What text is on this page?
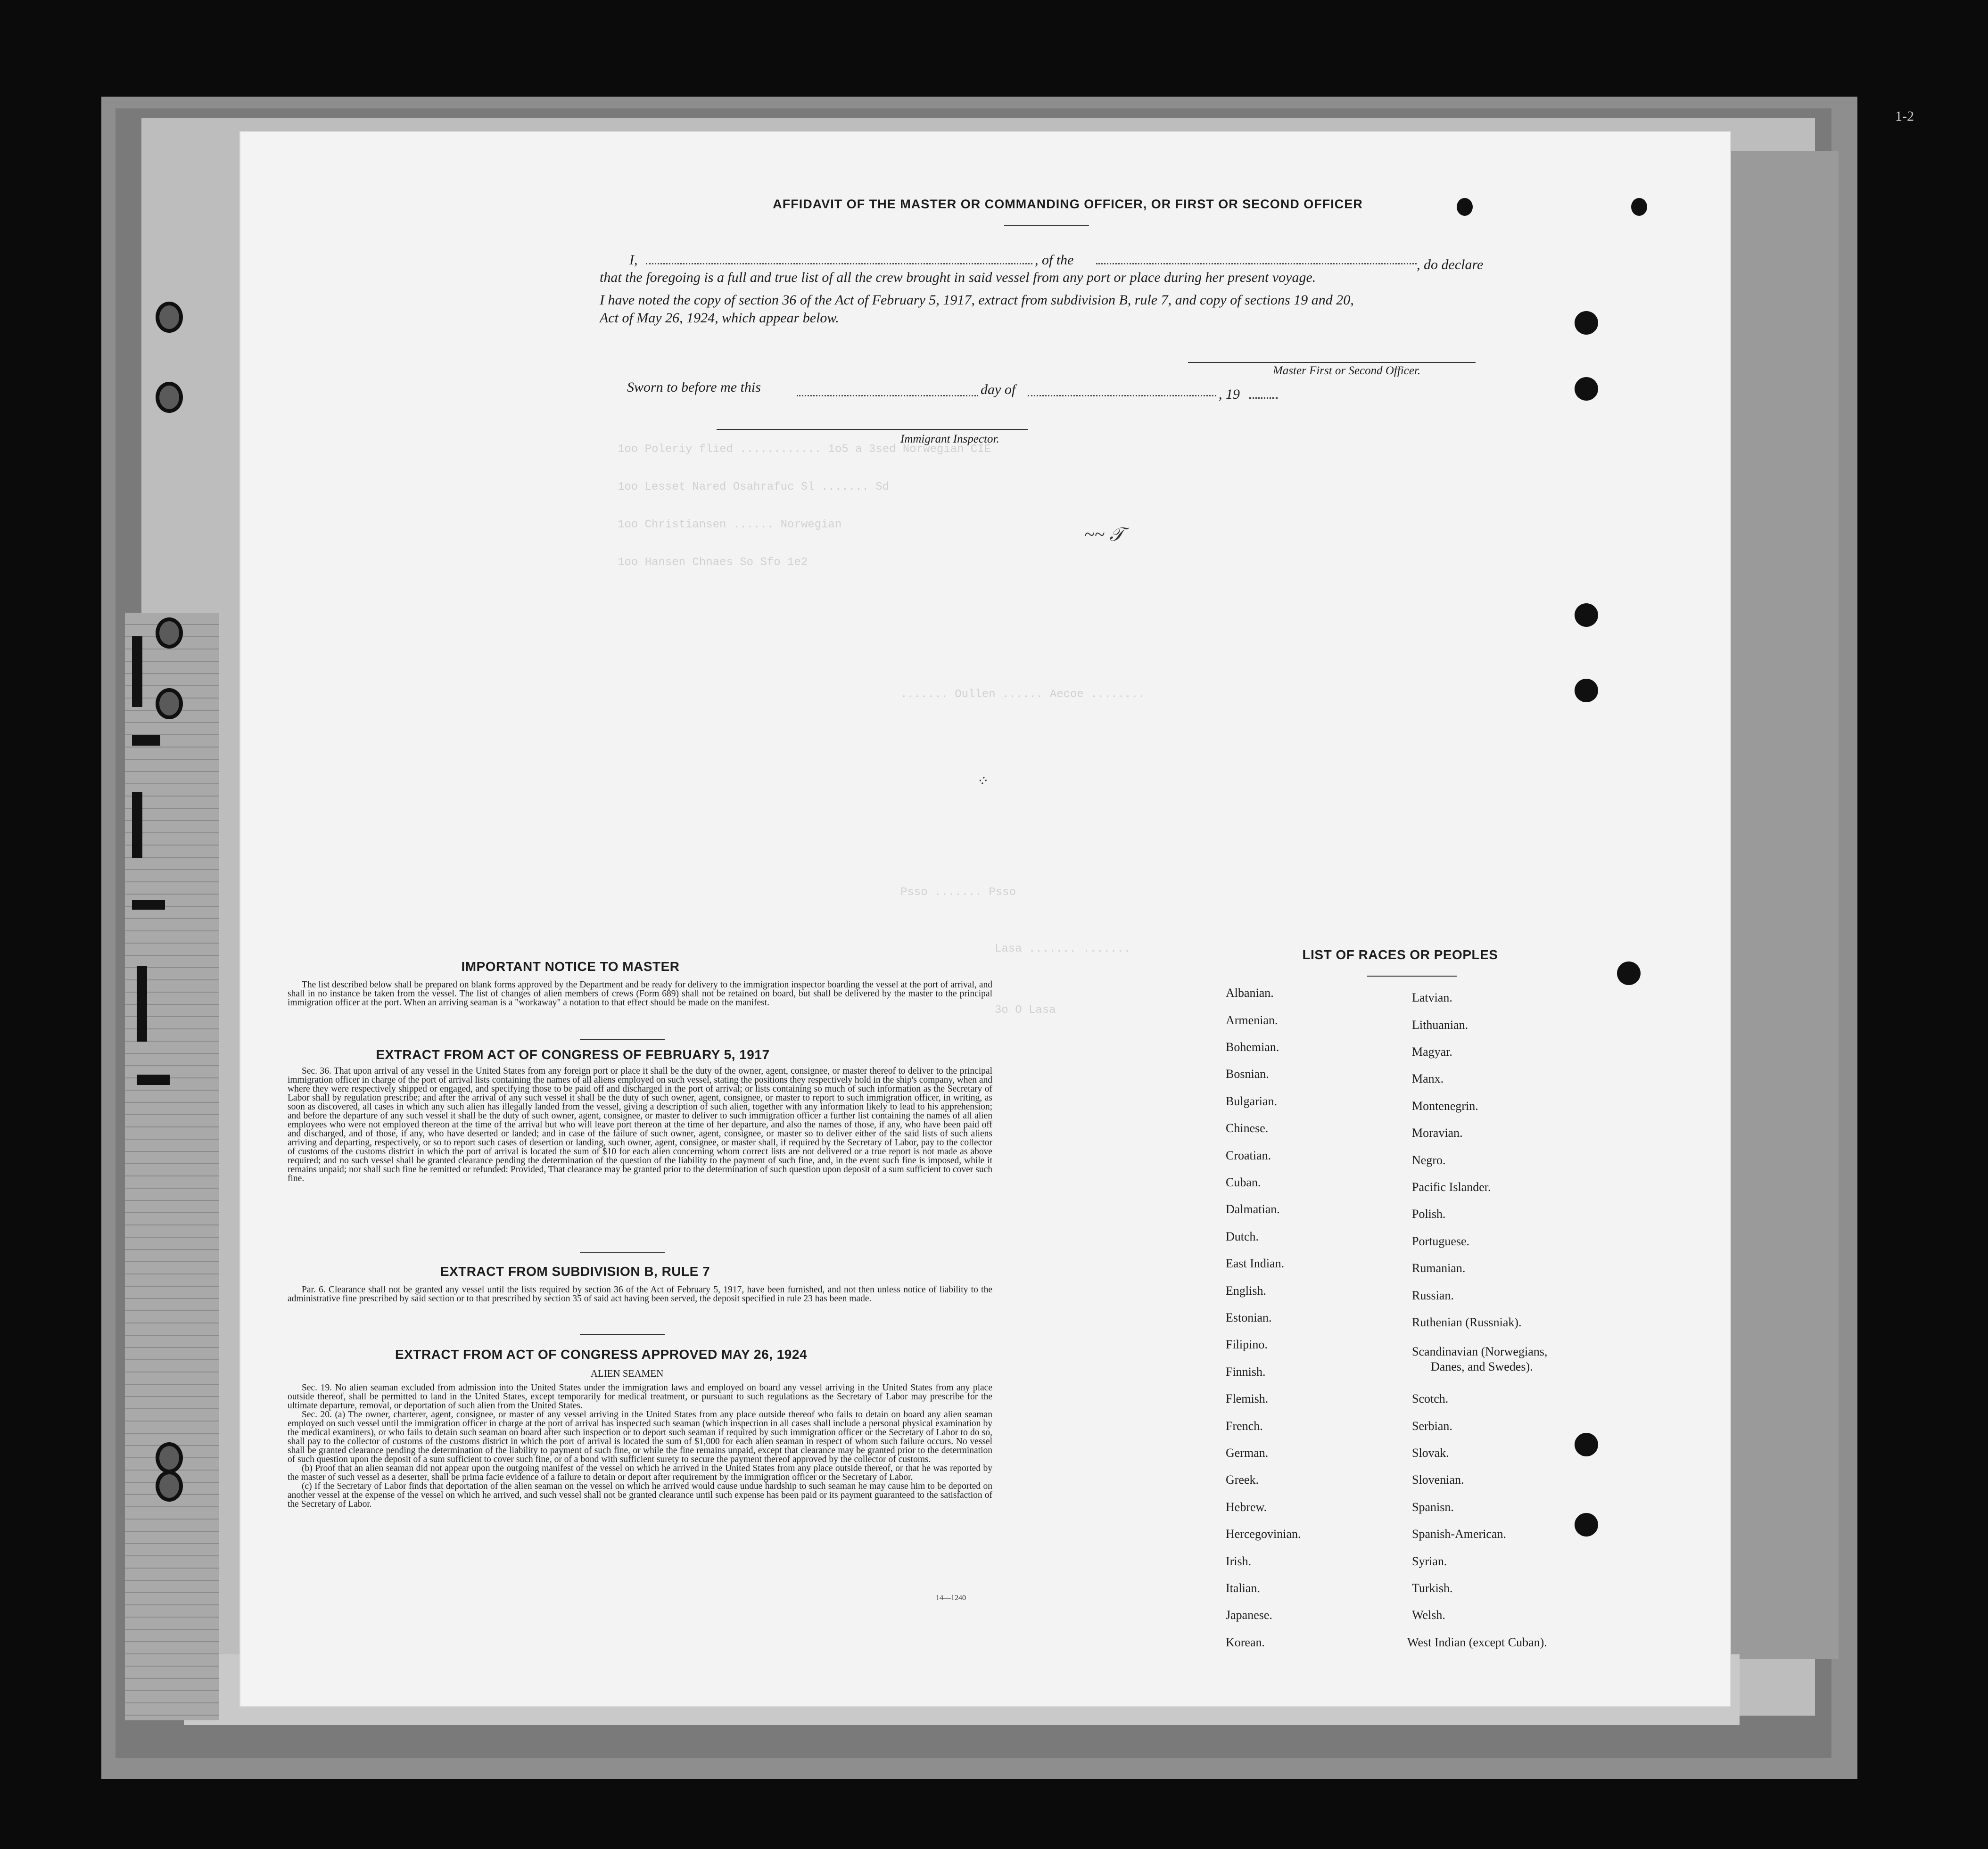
1-2
1oo Poleriy flied ............ 1o5 a 3sed Norwegian CIE
1oo Lesset Nared Osahrafuc Sl ....... Sd
1oo Christiansen ...... Norwegian
1oo Hansen Chnaes So Sfo 1e2
....... Oullen ...... Aecoe ........
Psso ....... Psso
Lasa ....... .......
3o O Lasa
~~ 𝒯
⁘
AFFIDAVIT OF THE MASTER OR COMMANDING OFFICER, OR FIRST OR SECOND OFFICER
I,	, of the	, do declare
that the foregoing is a full and true list of all the crew brought in said vessel from any port or place during her present voyage.
I have noted the copy of section 36 of the Act of February 5, 1917, extract from subdivision B, rule 7, and copy of sections 19 and 20,
Act of May 26, 1924, which appear below.
Master First or Second Officer.
Sworn to before me this	day of	, 19
Immigrant Inspector.
IMPORTANT NOTICE TO MASTER

The list described below shall be prepared on blank forms approved by the Department and be ready for delivery to the immigration inspector boarding the vessel at the port of arrival, and shall in no instance be taken from the vessel. The list of changes of alien members of crews (Form 689) shall not be retained on board, but shall be delivered by the master to the principal immigration officer at the port. When an arriving seaman is a "workaway" a notation to that effect should be made on the manifest.

EXTRACT FROM ACT OF CONGRESS OF FEBRUARY 5, 1917

Sec. 36. That upon arrival of any vessel in the United States from any foreign port or place it shall be the duty of the owner, agent, consignee, or master thereof to deliver to the principal immigration officer in charge of the port of arrival lists containing the names of all aliens employed on such vessel, stating the positions they respectively hold in the ship's company, when and where they were respectively shipped or engaged, and specifying those to be paid off and discharged in the port of arrival; or lists containing so much of such information as the Secretary of Labor shall by regulation prescribe; and after the arrival of any such vessel it shall be the duty of such owner, agent, consignee, or master to report to such immigration officer, in writing, as soon as discovered, all cases in which any such alien has illegally landed from the vessel, giving a description of such alien, together with any information likely to lead to his apprehension; and before the departure of any such vessel it shall be the duty of such owner, agent, consignee, or master to deliver to such immigration officer a further list containing the names of all alien employees who were not employed thereon at the time of the arrival but who will leave port thereon at the time of her departure, and also the names of those, if any, who have been paid off and discharged, and of those, if any, who have deserted or landed; and in case of the failure of such owner, agent, consignee, or master so to deliver either of the said lists of such aliens arriving and departing, respectively, or so to report such cases of desertion or landing, such owner, agent, consignee, or master shall, if required by the Secretary of Labor, pay to the collector of customs of the customs district in which the port of arrival is located the sum of $10 for each alien concerning whom correct lists are not delivered or a true report is not made as above required; and no such vessel shall be granted clearance pending the determination of the question of the liability to the payment of such fine, and, in the event such fine is imposed, while it remains unpaid; nor shall such fine be remitted or refunded: Provided, That clearance may be granted prior to the determination of such question upon deposit of a sum sufficient to cover such fine.

EXTRACT FROM SUBDIVISION B, RULE 7

Par. 6. Clearance shall not be granted any vessel until the lists required by section 36 of the Act of February 5, 1917, have been furnished, and not then unless notice of liability to the administrative fine prescribed by said section or to that prescribed by section 35 of said act having been served, the deposit specified in rule 23 has been made.

EXTRACT FROM ACT OF CONGRESS APPROVED MAY 26, 1924
ALIEN SEAMEN

Sec. 19. No alien seaman excluded from admission into the United States under the immigration laws and employed on board any vessel arriving in the United States from any place outside thereof, shall be permitted to land in the United States, except temporarily for medical treatment, or pursuant to such regulations as the Secretary of Labor may prescribe for the ultimate departure, removal, or deportation of such alien from the United States.

Sec. 20. (a) The owner, charterer, agent, consignee, or master of any vessel arriving in the United States from any place outside thereof who fails to detain on board any alien seaman employed on such vessel until the immigration officer in charge at the port of arrival has inspected such seaman (which inspection in all cases shall include a personal physical examination by the medical examiners), or who fails to detain such seaman on board after such inspection or to deport such seaman if required by such immigration officer or the Secretary of Labor to do so, shall pay to the collector of customs of the customs district in which the port of arrival is located the sum of $1,000 for each alien seaman in respect of whom such failure occurs. No vessel shall be granted clearance pending the determination of the liability to payment of such fine, or while the fine remains unpaid, except that clearance may be granted prior to the determination of such question upon the deposit of a sum sufficient to cover such fine, or of a bond with sufficient surety to secure the payment thereof approved by the collector of customs.

(b) Proof that an alien seaman did not appear upon the outgoing manifest of the vessel on which he arrived in the United States from any place outside thereof, or that he was reported by the master of such vessel as a deserter, shall be prima facie evidence of a failure to detain or deport after requirement by the immigration officer or the Secretary of Labor.

(c) If the Secretary of Labor finds that deportation of the alien seaman on the vessel on which he arrived would cause undue hardship to such seaman he may cause him to be deported on another vessel at the expense of the vessel on which he arrived, and such vessel shall not be granted clearance until such expense has been paid or its payment guaranteed to the satisfaction of the Secretary of Labor.

14—1240
LIST OF RACES OR PEOPLES
Albanian.
Armenian.
Bohemian.
Bosnian.
Bulgarian.
Chinese.
Croatian.
Cuban.
Dalmatian.
Dutch.
East Indian.
English.
Estonian.
Filipino.
Finnish.
Flemish.
French.
German.
Greek.
Hebrew.
Hercegovinian.
Irish.
Italian.
Japanese.
Korean.
Latvian.
Lithuanian.
Magyar.
Manx.
Montenegrin.
Moravian.
Negro.
Pacific Islander.
Polish.
Portuguese.
Rumanian.
Russian.
Ruthenian (Russniak).
Scandinavian (Norwegians,
Danes, and Swedes).
Scotch.
Serbian.
Slovak.
Slovenian.
Spanisn.
Spanish-American.
Syrian.
Turkish.
Welsh.
West Indian (except Cuban).
